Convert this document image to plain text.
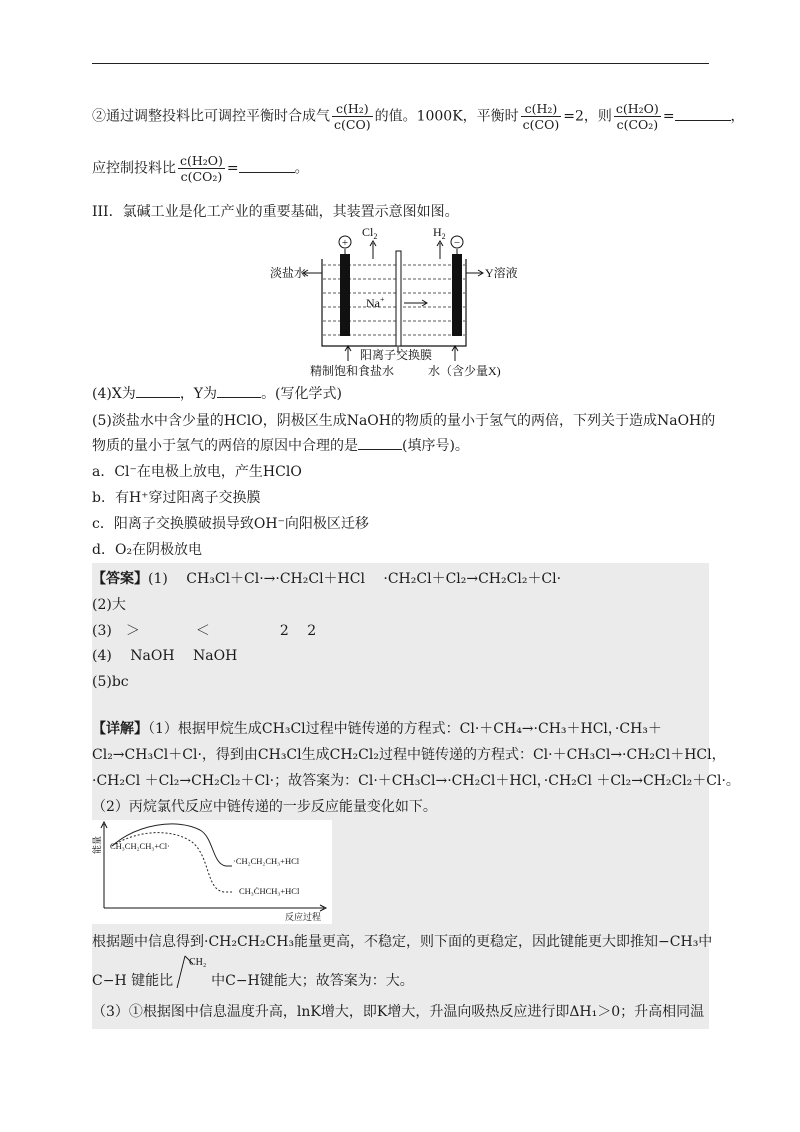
②通过调整投料比可调控平衡时合成气 $\frac{\text{c(H₂)}}{c(CO)}$ 的值。1000K，平衡时 $\frac{\text{c(H₂)}}{c(CO)} =2$，则 $\frac{\text{c(H₂O)}}{\text{c(CO₂)}}$ =	，
应控制投料比 $\frac{\text{c(H₂O)}}{\text{c(CO₂)}}$ =	。
III．氯碱工业是化工产业的重要基础，其装置示意图如图。
+	−
$Cl_2$	$H_2$
淡盐水	Y溶液
Na+
阳离子交换膜
精制饱和食盐水	水（含少量X)
(4)X为	，Y为	。(写化学式)
(5)淡盐水中含少量的HClO，阴极区生成NaOH的物质的量小于氢气的两倍，下列关于造成NaOH的
物质的量小于氢气的两倍的原因中合理的是	(填序号)。
a．Cl⁻在电极上放电，产生HClO
b．有H⁺穿过阳离子交换膜
c．阳离子交换膜破损导致OH⁻向阳极区迁移
d．O₂在阴极放电
【答案】(1)　 CH₃Cl＋Cl·→·CH₂Cl＋HCl　 ·CH₂Cl＋Cl₂→CH₂Cl₂＋Cl·
(2)大
(3)　＞　　　　＜　　　　　2　 2
(4)　 NaOH　 NaOH
(5)bc
【详解】（1）根据甲烷生成CH₃Cl过程中链传递的方程式：Cl·＋CH₄→·CH₃＋HCl，·CH₃＋
Cl₂→CH₃Cl＋Cl·，得到由CH₃Cl生成CH₂Cl₂过程中链传递的方程式：Cl·＋CH₃Cl→·CH₂Cl＋HCl，
·CH₂Cl ＋Cl₂→CH₂Cl₂＋Cl·；故答案为：Cl·＋CH₃Cl→·CH₂Cl＋HCl，·CH₂Cl ＋Cl₂→CH₂Cl₂＋Cl·。
（2）丙烷氯代反应中链传递的一步反应能量变化如下。
能量
反应过程
CH₃CH₂CH₃+Cl·
·CH₂CH₂CH₃+HCl
CH₃ĊHCH₃+HCl
根据题中信息得到·CH₂CH₂CH₃能量更高，不稳定，则下面的更稳定，因此键能更大即推知−CH₃中
C−H 键能比
CH₂
中C−H键能大；故答案为：大。
（3）①根据图中信息温度升高，lnK增大，即K增大，升温向吸热反应进行即ΔH₁＞0；升高相同温
